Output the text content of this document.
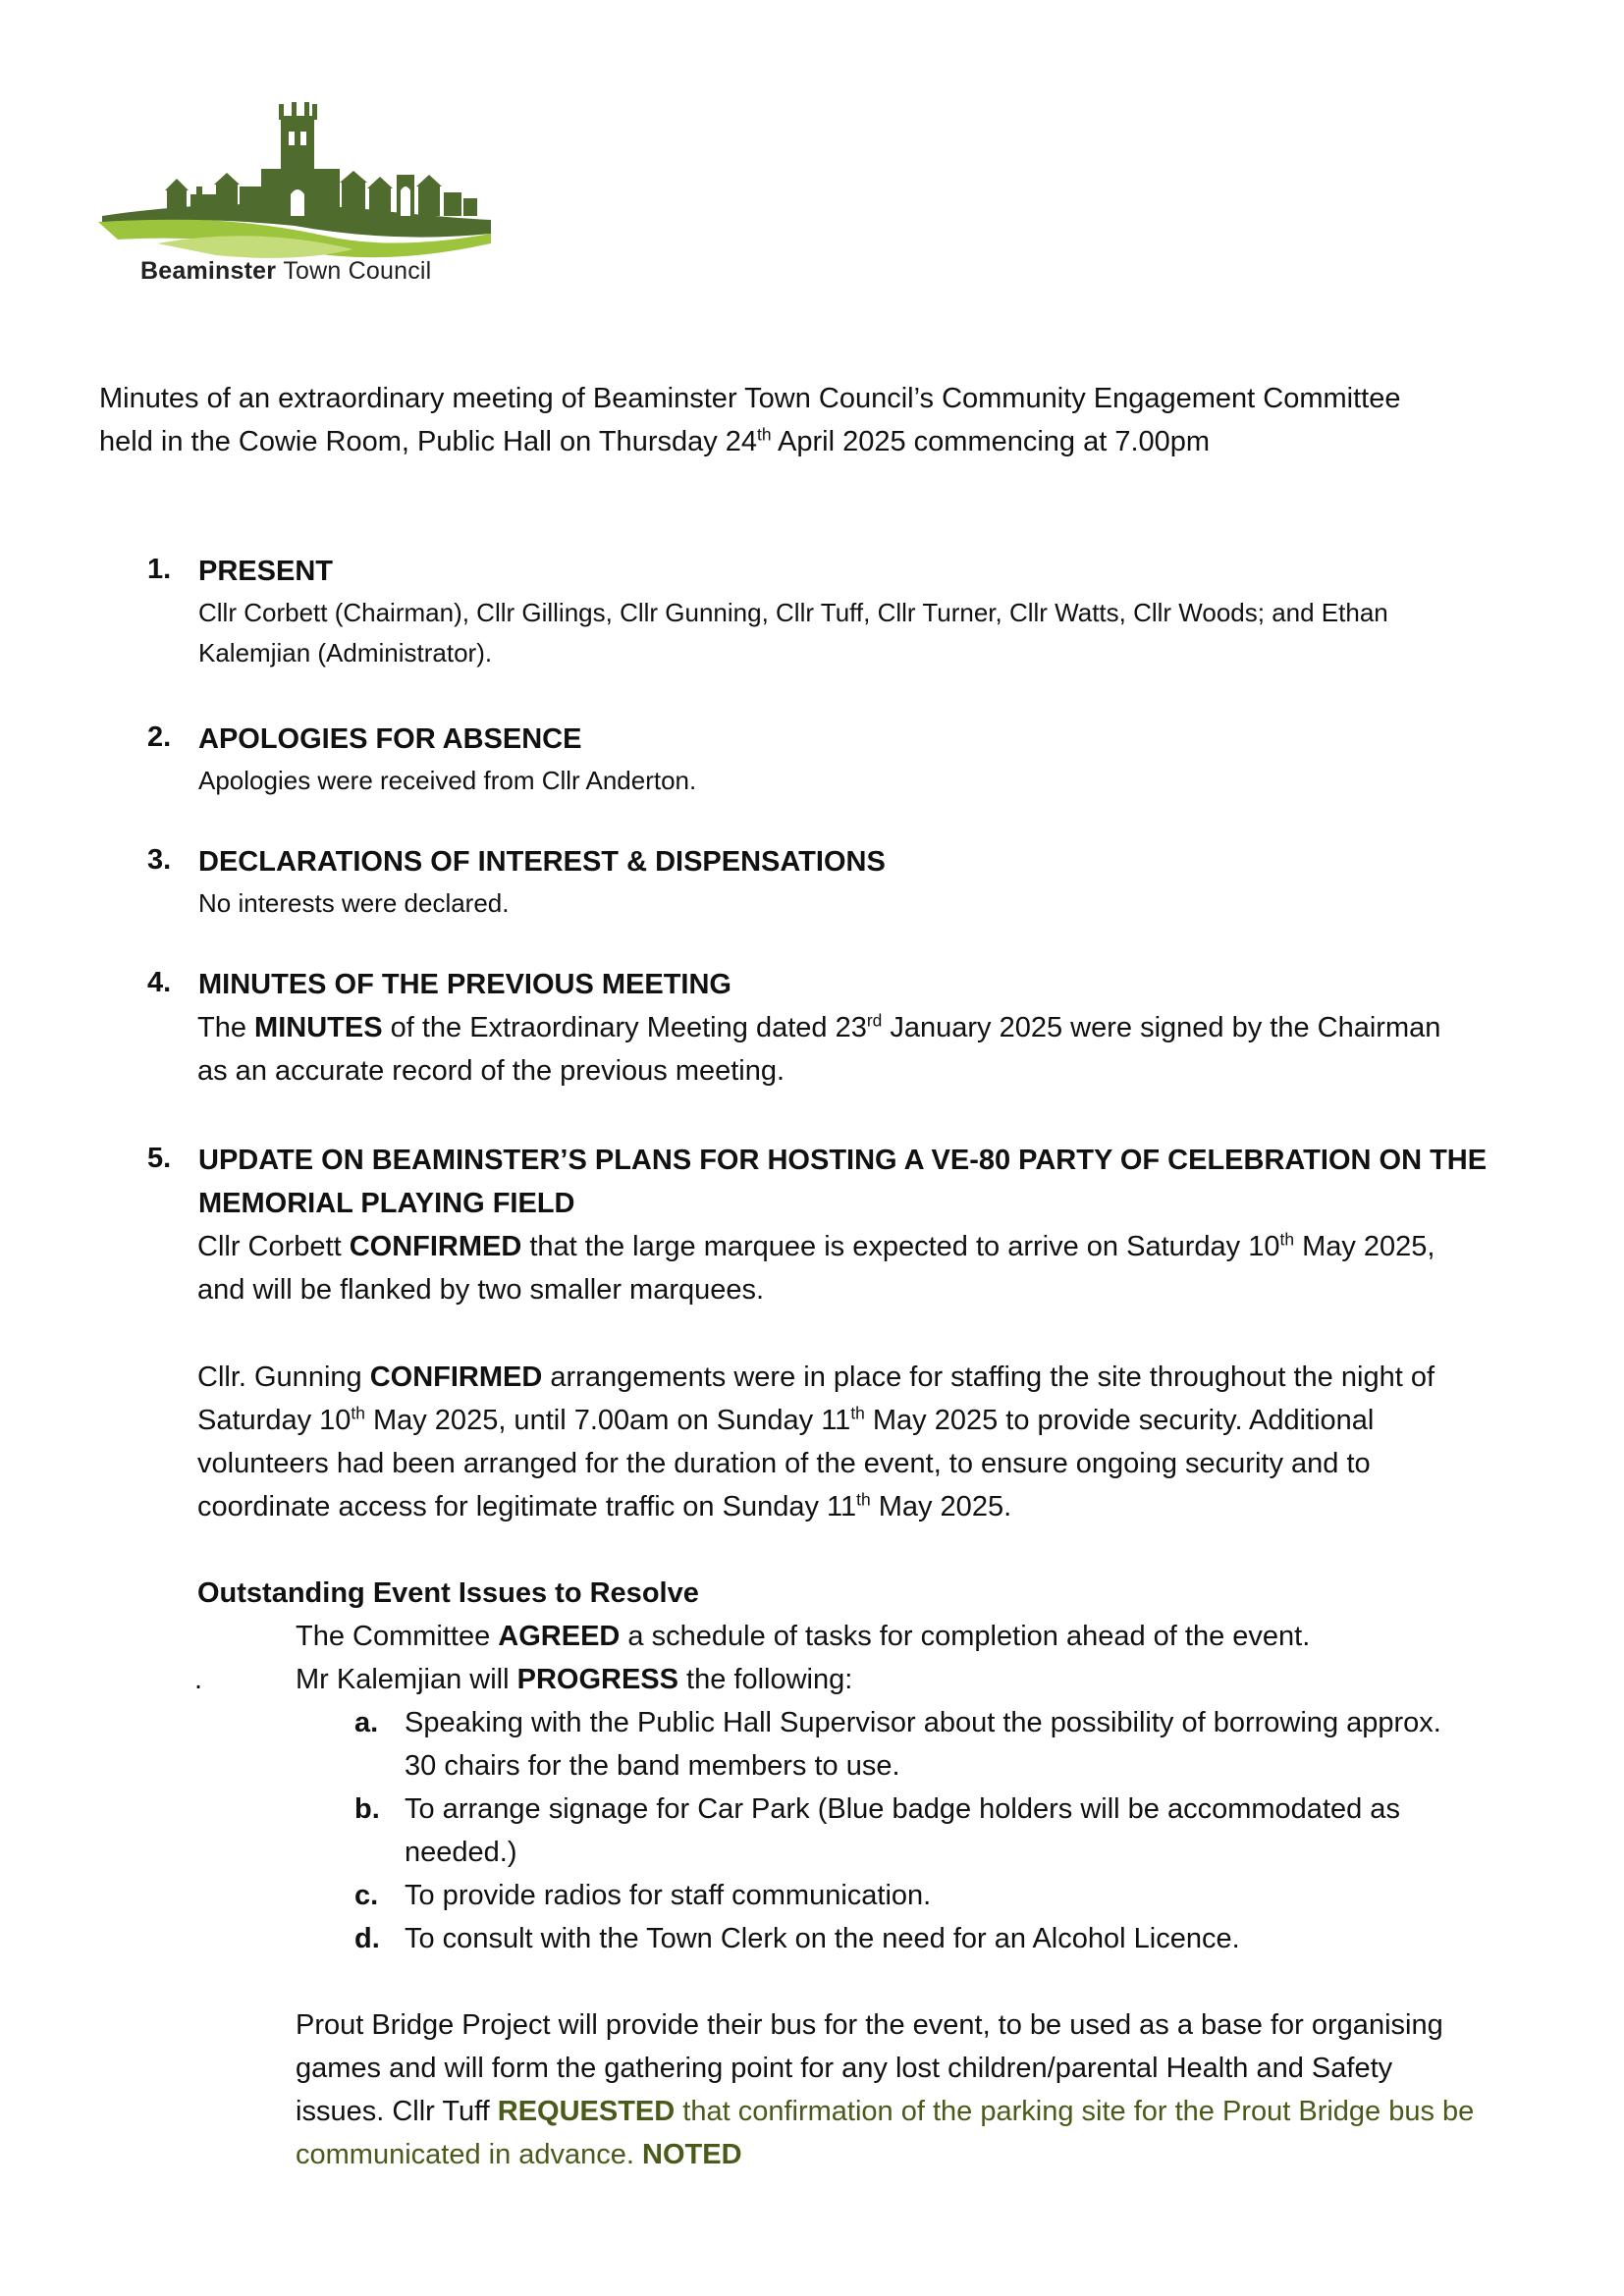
Beaminster Town Council
Minutes of an extraordinary meeting of Beaminster Town Council’s Community Engagement Committee
held in the Cowie Room, Public Hall on Thursday 24th April 2025 commencing at 7.00pm
1. PRESENT
Cllr Corbett (Chairman), Cllr Gillings, Cllr Gunning, Cllr Tuff, Cllr Turner, Cllr Watts, Cllr Woods; and Ethan
Kalemjian (Administrator).
2. APOLOGIES FOR ABSENCE
Apologies were received from Cllr Anderton.
3. DECLARATIONS OF INTEREST & DISPENSATIONS
No interests were declared.
4. MINUTES OF THE PREVIOUS MEETING
The MINUTES of the Extraordinary Meeting dated 23rd January 2025 were signed by the Chairman
as an accurate record of the previous meeting.
5. UPDATE ON BEAMINSTER’S PLANS FOR HOSTING A VE-80 PARTY OF CELEBRATION ON THE
MEMORIAL PLAYING FIELD
Cllr Corbett CONFIRMED that the large marquee is expected to arrive on Saturday 10th May 2025,
and will be flanked by two smaller marquees.
Cllr. Gunning CONFIRMED arrangements were in place for staffing the site throughout the night of
Saturday 10th May 2025, until 7.00am on Sunday 11th May 2025 to provide security. Additional
volunteers had been arranged for the duration of the event, to ensure ongoing security and to
coordinate access for legitimate traffic on Sunday 11th May 2025.
Outstanding Event Issues to Resolve
The Committee AGREED a schedule of tasks for completion ahead of the event.
.	Mr Kalemjian will PROGRESS the following:
a. Speaking with the Public Hall Supervisor about the possibility of borrowing approx.
30 chairs for the band members to use.
b. To arrange signage for Car Park (Blue badge holders will be accommodated as
needed.)
c. To provide radios for staff communication.
d. To consult with the Town Clerk on the need for an Alcohol Licence.
Prout Bridge Project will provide their bus for the event, to be used as a base for organising
games and will form the gathering point for any lost children/parental Health and Safety
issues. Cllr Tuff REQUESTED that confirmation of the parking site for the Prout Bridge bus be
communicated in advance. NOTED
